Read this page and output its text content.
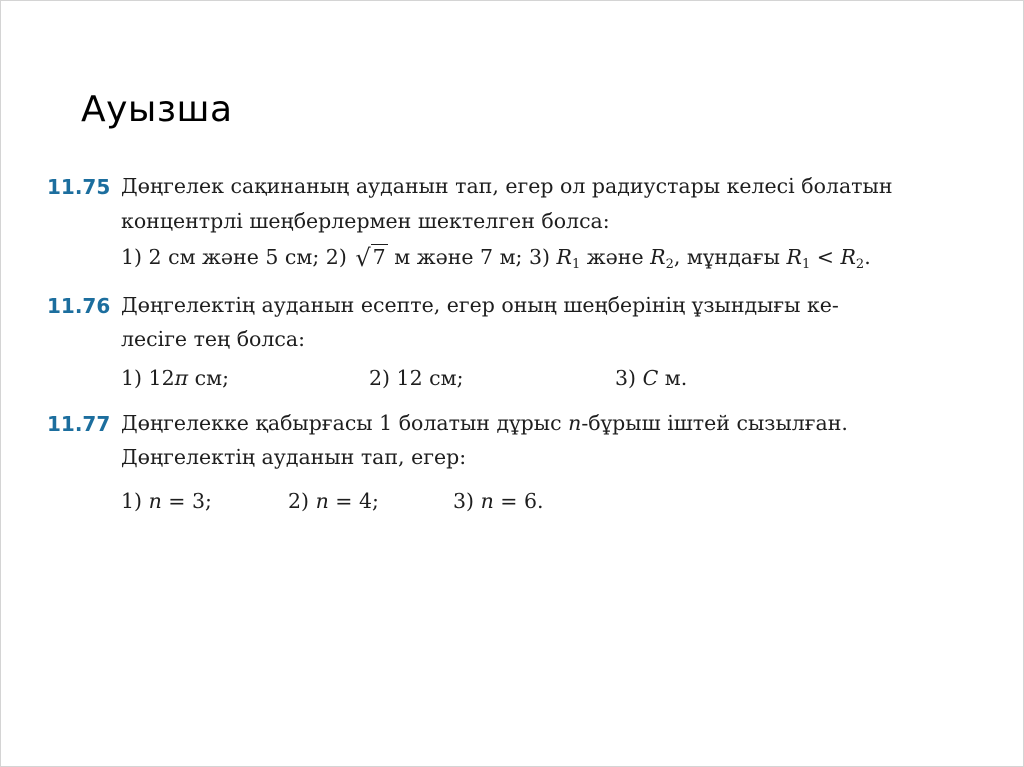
Ауызша
11.75 Дөңгелек сақинаның ауданын тап, егер ол радиустары келесі болатын
концентрлі шеңберлермен шектелген болса:
1) 2 см және 5 см; 2) √7 м және 7 м; 3) $R_1$ және $R_2$, мұндағы $R_1 < R_2$.
11.76 Дөңгелектің ауданын есепте, егер оның шеңберінің ұзындығы ке-
лесіге тең болса:
1) 12π см;	2) 12 см;	3) C м.
11.77 Дөңгелекке қабырғасы 1 болатын дұрыс n-бұрыш іштей сызылған.
Дөңгелектің ауданын тап, егер:
1) n = 3;	2) n = 4;	3) n = 6.
